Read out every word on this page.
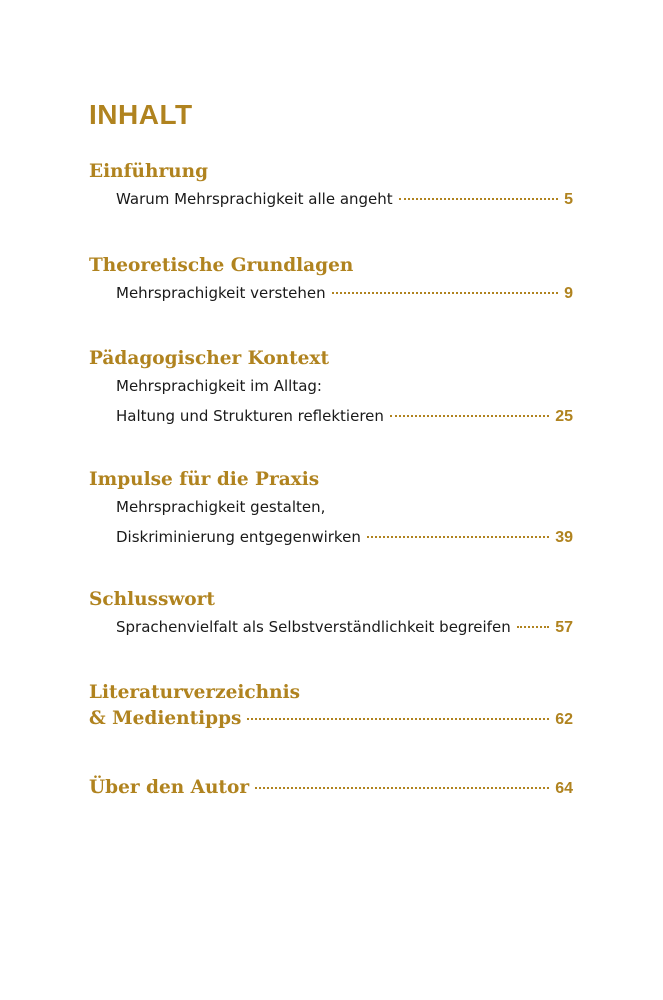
INHALT
Einführung
Warum Mehrsprachigkeit alle angeht	5
Theoretische Grundlagen
Mehrsprachigkeit verstehen	9
Pädagogischer Kontext
Mehrsprachigkeit im Alltag:
Haltung und Strukturen reflektieren	25
Impulse für die Praxis
Mehrsprachigkeit gestalten,
Diskriminierung entgegenwirken	39
Schlusswort
Sprachenvielfalt als Selbstverständlichkeit begreifen	57
Literaturverzeichnis
& Medientipps	62
Über den Autor	64
